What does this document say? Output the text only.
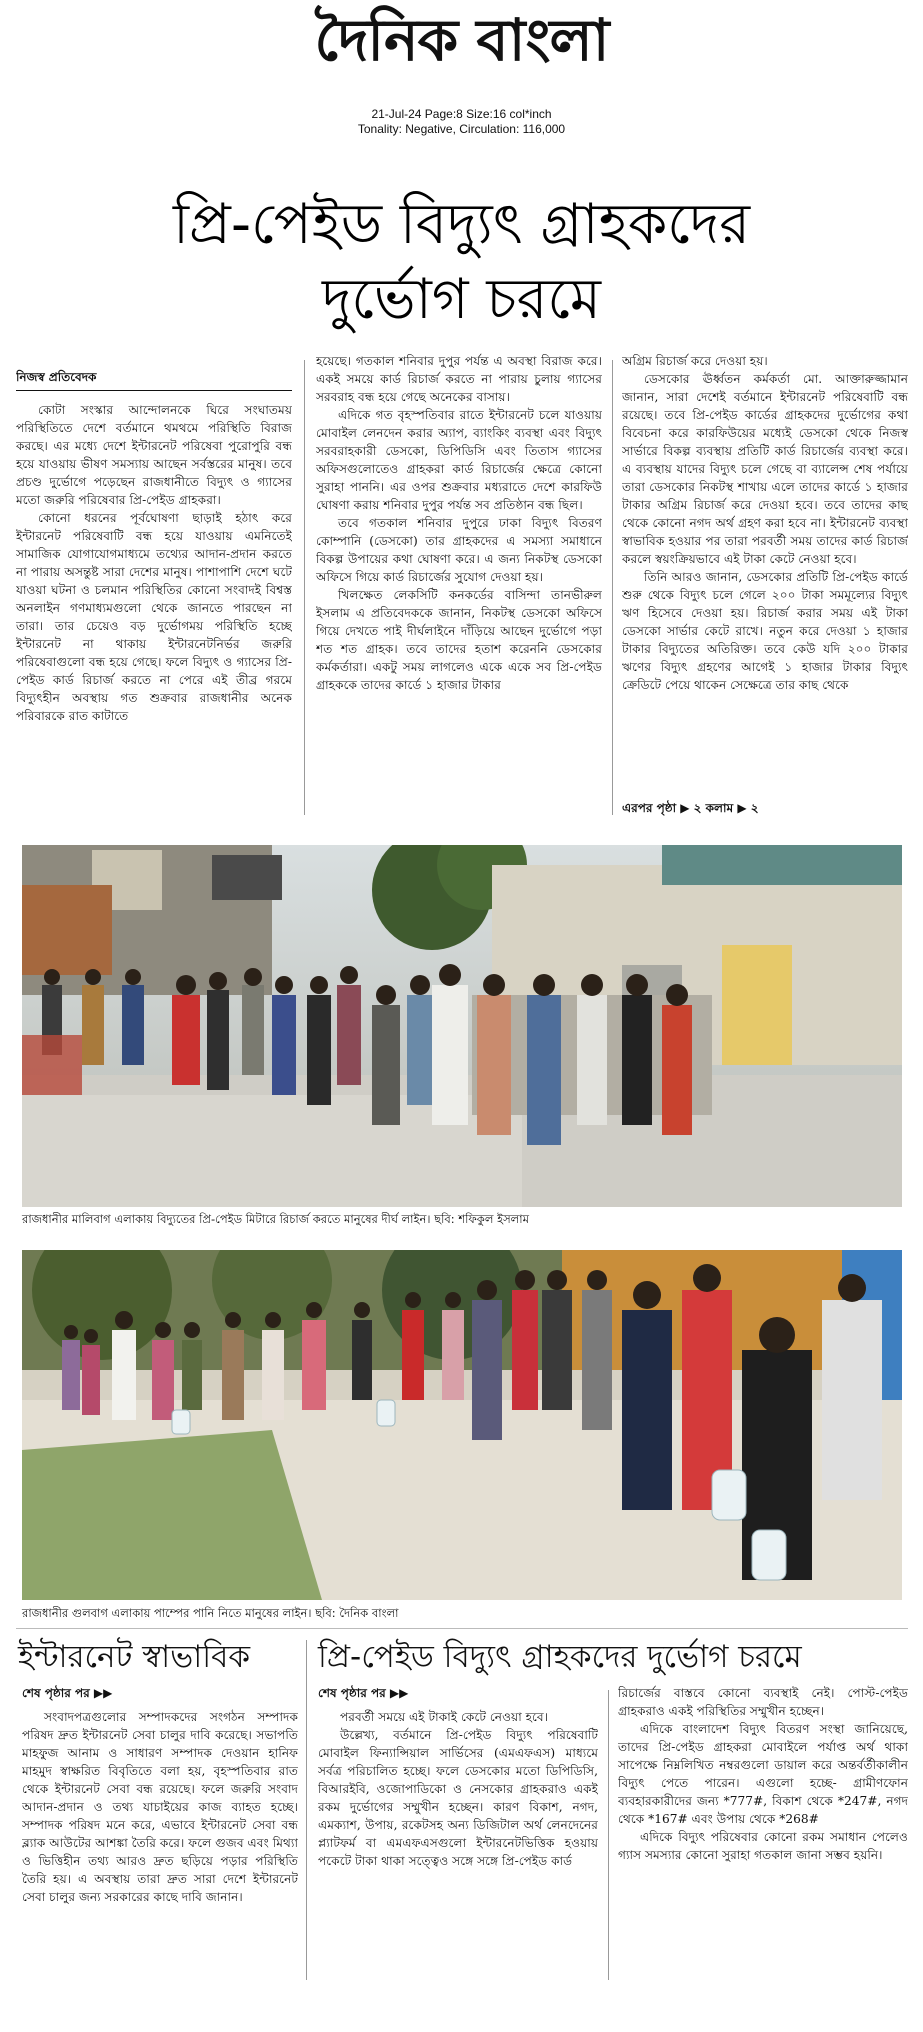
দৈনিক বাংলা
21-Jul-24 Page:8 Size:16 col*inch
Tonality: Negative, Circulation: 116,000
প্রি-পেইড বিদ্যুৎ গ্রাহকদের
দুর্ভোগ চরমে
নিজস্ব প্রতিবেদক

কোটা সংস্কার আন্দোলনকে ঘিরে সংঘাতময় পরিস্থিতিতে দেশে বর্তমানে থমথমে পরিস্থিতি বিরাজ করছে। এর মধ্যে দেশে ইন্টারনেট পরিষেবা পুরোপুরি বন্ধ হয়ে যাওয়ায় ভীষণ সমস্যায় আছেন সর্বস্তরের মানুষ। তবে প্রচণ্ড দুর্ভোগে পড়েছেন রাজধানীতে বিদ্যুৎ ও গ্যাসের মতো জরুরি পরিষেবার প্রি-পেইড গ্রাহকরা।

কোনো ধরনের পূর্বঘোষণা ছাড়াই হঠাৎ করে ইন্টারনেট পরিষেবাটি বন্ধ হয়ে যাওয়ায় এমনিতেই সামাজিক যোগাযোগমাধ্যমে তথ্যের আদান-প্রদান করতে না পারায় অসন্তুষ্ট সারা দেশের মানুষ। পাশাপাশি দেশে ঘটে যাওয়া ঘটনা ও চলমান পরিস্থিতির কোনো সংবাদই বিশ্বস্ত অনলাইন গণমাধ্যমগুলো থেকে জানতে পারছেন না তারা। তার চেয়েও বড় দুর্ভোগময় পরিস্থিতি হচ্ছে ইন্টারনেট না থাকায় ইন্টারনেটনির্ভর জরুরি পরিষেবাগুলো বন্ধ হয়ে গেছে। ফলে বিদ্যুৎ ও গ্যাসের প্রি-পেইড কার্ড রিচার্জ করতে না পেরে এই তীব্র গরমে বিদ্যুৎহীন অবস্থায় গত শুক্রবার রাজধানীর অনেক পরিবারকে রাত কাটাতে

হয়েছে। গতকাল শনিবার দুপুর পর্যন্ত এ অবস্থা বিরাজ করে। একই সময়ে কার্ড রিচার্জ করতে না পারায় চুলায় গ্যাসের সরবরাহ বন্ধ হয়ে গেছে অনেকের বাসায়।

এদিকে গত বৃহস্পতিবার রাতে ইন্টারনেট চলে যাওয়ায় মোবাইল লেনদেন করার অ্যাপ, ব্যাংকিং ব্যবস্থা এবং বিদ্যুৎ সরবরাহকারী ডেসকো, ডিপিডিসি এবং তিতাস গ্যাসের অফিসগুলোতেও গ্রাহকরা কার্ড রিচার্জের ক্ষেত্রে কোনো সুরাহা পাননি। এর ওপর শুক্রবার মধ্যরাতে দেশে কারফিউ ঘোষণা করায় শনিবার দুপুর পর্যন্ত সব প্রতিষ্ঠান বন্ধ ছিল।

তবে গতকাল শনিবার দুপুরে ঢাকা বিদ্যুৎ বিতরণ কোম্পানি (ডেসকো) তার গ্রাহকদের এ সমস্যা সমাধানে বিকল্প উপায়ের কথা ঘোষণা করে। এ জন্য নিকটস্থ ডেসকো অফিসে গিয়ে কার্ড রিচার্জের সুযোগ দেওয়া হয়।

খিলক্ষেত লেকসিটি কনকর্ডের বাসিন্দা তানভীরুল ইসলাম এ প্রতিবেদককে জানান, নিকটস্থ ডেসকো অফিসে গিয়ে দেখতে পাই দীর্ঘলাইনে দাঁড়িয়ে আছেন দুর্ভোগে পড়া শত শত গ্রাহক। তবে তাদের হতাশ করেননি ডেসকোর কর্মকর্তারা। একটু সময় লাগলেও একে একে সব প্রি-পেইড গ্রাহককে তাদের কার্ডে ১ হাজার টাকার

অগ্রিম রিচার্জ করে দেওয়া হয়।

ডেসকোর ঊর্ধ্বতন কর্মকর্তা মো. আক্তারুজ্জামান জানান, সারা দেশেই বর্তমানে ইন্টারনেট পরিষেবাটি বন্ধ রয়েছে। তবে প্রি-পেইড কার্ডের গ্রাহকদের দুর্ভোগের কথা বিবেচনা করে কারফিউয়ের মধ্যেই ডেসকো থেকে নিজস্ব সার্ভারে বিকল্প ব্যবস্থায় প্রতিটি কার্ড রিচার্জের ব্যবস্থা করে। এ ব্যবস্থায় যাদের বিদ্যুৎ চলে গেছে বা ব্যালেন্স শেষ পর্যায়ে তারা ডেসকোর নিকটস্থ শাখায় এলে তাদের কার্ডে ১ হাজার টাকার অগ্রিম রিচার্জ করে দেওয়া হবে। তবে তাদের কাছ থেকে কোনো নগদ অর্থ গ্রহণ করা হবে না। ইন্টারনেট ব্যবস্থা স্বাভাবিক হওয়ার পর তারা পরবর্তী সময় তাদের কার্ড রিচার্জ করলে স্বয়ংক্রিয়ভাবে এই টাকা কেটে নেওয়া হবে।

তিনি আরও জানান, ডেসকোর প্রতিটি প্রি-পেইড কার্ডে শুরু থেকে বিদ্যুৎ চলে গেলে ২০০ টাকা সমমূল্যের বিদ্যুৎ ঋণ হিসেবে দেওয়া হয়। রিচার্জ করার সময় এই টাকা ডেসকো সার্ভার কেটে রাখে। নতুন করে দেওয়া ১ হাজার টাকার বিদ্যুতের অতিরিক্ত। তবে কেউ যদি ২০০ টাকার ঋণের বিদ্যুৎ গ্রহণের আগেই ১ হাজার টাকার বিদ্যুৎ ক্রেডিটে পেয়ে থাকেন সেক্ষেত্রে তার কাছ থেকে

এরপর পৃষ্ঠা ▶ ২ কলাম ▶ ২
রাজধানীর মালিবাগ এলাকায় বিদ্যুতের প্রি-পেইড মিটারে রিচার্জ করতে মানুষের দীর্ঘ লাইন। ছবি: শফিকুল ইসলাম
রাজধানীর গুলবাগ এলাকায় পাম্পের পানি নিতে মানুষের লাইন। ছবি: দৈনিক বাংলা
ইন্টারনেট স্বাভাবিক
শেষ পৃষ্ঠার পর ▶▶

সংবাদপত্রগুলোর সম্পাদকদের সংগঠন সম্পাদক পরিষদ দ্রুত ইন্টারনেট সেবা চালুর দাবি করেছে। সভাপতি মাহফুজ আনাম ও সাধারণ সম্পাদক দেওয়ান হানিফ মাহমুদ স্বাক্ষরিত বিবৃতিতে বলা হয়, বৃহস্পতিবার রাত থেকে ইন্টারনেট সেবা বন্ধ রয়েছে। ফলে জরুরি সংবাদ আদান-প্রদান ও তথ্য যাচাইয়ের কাজ ব্যাহত হচ্ছে। সম্পাদক পরিষদ মনে করে, এভাবে ইন্টারনেট সেবা বন্ধ ব্ল্যাক আউটের আশঙ্কা তৈরি করে। ফলে গুজব এবং মিথ্যা ও ভিত্তিহীন তথ্য আরও দ্রুত ছড়িয়ে পড়ার পরিস্থিতি তৈরি হয়। এ অবস্থায় তারা দ্রুত সারা দেশে ইন্টারনেট সেবা চালুর জন্য সরকারের কাছে দাবি জানান।

প্রি-পেইড বিদ্যুৎ গ্রাহকদের দুর্ভোগ চরমে
শেষ পৃষ্ঠার পর ▶▶

পরবর্তী সময়ে এই টাকাই কেটে নেওয়া হবে।

উল্লেখ্য, বর্তমানে প্রি-পেইড বিদ্যুৎ পরিষেবাটি মোবাইল ফিন্যান্সিয়াল সার্ভিসের (এমএফএস) মাধ্যমে সর্বত্র পরিচালিত হচ্ছে। ফলে ডেসকোর মতো ডিপিডিসি, বিআরইবি, ওজোপাডিকো ও নেসকোর গ্রাহকরাও একই রকম দুর্ভোগের সম্মুখীন হচ্ছেন। কারণ বিকাশ, নগদ, এমক্যাশ, উপায়, রকেটসহ অন্য ডিজিটাল অর্থ লেনদেনের প্ল্যাটফর্ম বা এমএফএসগুলো ইন্টারনেটভিত্তিক হওয়ায় পকেটে টাকা থাকা সত্ত্বেও সঙ্গে সঙ্গে প্রি-পেইড কার্ড

রিচার্জের বাস্তবে কোনো ব্যবস্থাই নেই। পোস্ট-পেইড গ্রাহকরাও একই পরিস্থিতির সম্মুখীন হচ্ছেন।

এদিকে বাংলাদেশ বিদ্যুৎ বিতরণ সংস্থা জানিয়েছে, তাদের প্রি-পেইড গ্রাহকরা মোবাইলে পর্যাপ্ত অর্থ থাকা সাপেক্ষে নিম্নলিখিত নম্বরগুলো ডায়াল করে অন্তর্বর্তীকালীন বিদ্যুৎ পেতে পারেন। এগুলো হচ্ছে- গ্রামীণফোন ব্যবহারকারীদের জন্য *777#, বিকাশ থেকে *247#, নগদ থেকে *167# এবং উপায় থেকে *268#

এদিকে বিদ্যুৎ পরিষেবার কোনো রকম সমাধান পেলেও গ্যাস সমস্যার কোনো সুরাহা গতকাল জানা সম্ভব হয়নি।
